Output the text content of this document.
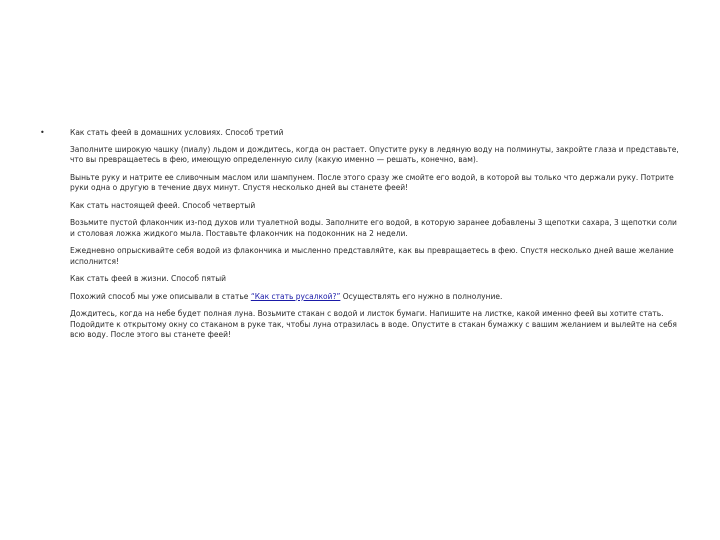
•	Как стать феей в домашних условиях. Способ третий

Заполните широкую чашку (пиалу) льдом и дождитесь, когда он растает. Опустите руку в ледяную воду на полминуты, закройте глаза и представьте, что вы превращаетесь в фею, имеющую определенную силу (какую именно — решать, конечно, вам).

Выньте руку и натрите ее сливочным маслом или шампунем. После этого сразу же смойте его водой, в которой вы только что держали руку. Потрите руки одна о другую в течение двух минут. Спустя несколько дней вы станете феей!

Как стать настоящей феей. Способ четвертый

Возьмите пустой флакончик из-под духов или туалетной воды. Заполните его водой, в которую заранее добавлены 3 щепотки сахара, 3 щепотки соли и столовая ложка жидкого мыла. Поставьте флакончик на подоконник на 2 недели.

Ежедневно опрыскивайте себя водой из флакончика и мысленно представляйте, как вы превращаетесь в фею. Спустя несколько дней ваше желание исполнится!

Как стать феей в жизни. Способ пятый

Похожий способ мы уже описывали в статье “Как стать русалкой?” Осуществлять его нужно в полнолуние.

Дождитесь, когда на небе будет полная луна. Возьмите стакан с водой и листок бумаги. Напишите на листке, какой именно феей вы хотите стать. Подойдите к открытому окну со стаканом в руке так, чтобы луна отразилась в воде. Опустите в стакан бумажку с вашим желанием и вылейте на себя всю воду. После этого вы станете феей!
